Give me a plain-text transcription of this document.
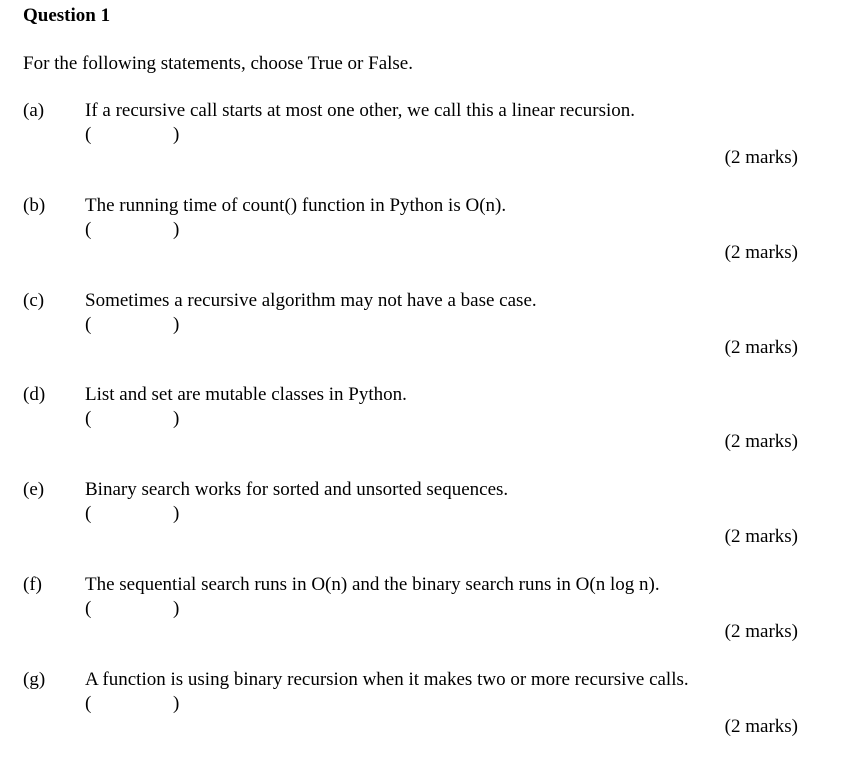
Question 1
For the following statements, choose True or False.
(a) If a recursive call starts at most one other, we call this a linear recursion.
(	)
(2 marks)
(b) The running time of count() function in Python is O(n).
(	)
(2 marks)
(c) Sometimes a recursive algorithm may not have a base case.
(	)
(2 marks)
(d) List and set are mutable classes in Python.
(	)
(2 marks)
(e) Binary search works for sorted and unsorted sequences.
(	)
(2 marks)
(f) The sequential search runs in O(n) and the binary search runs in O(n log n).
(	)
(2 marks)
(g) A function is using binary recursion when it makes two or more recursive calls.
(	)
(2 marks)
